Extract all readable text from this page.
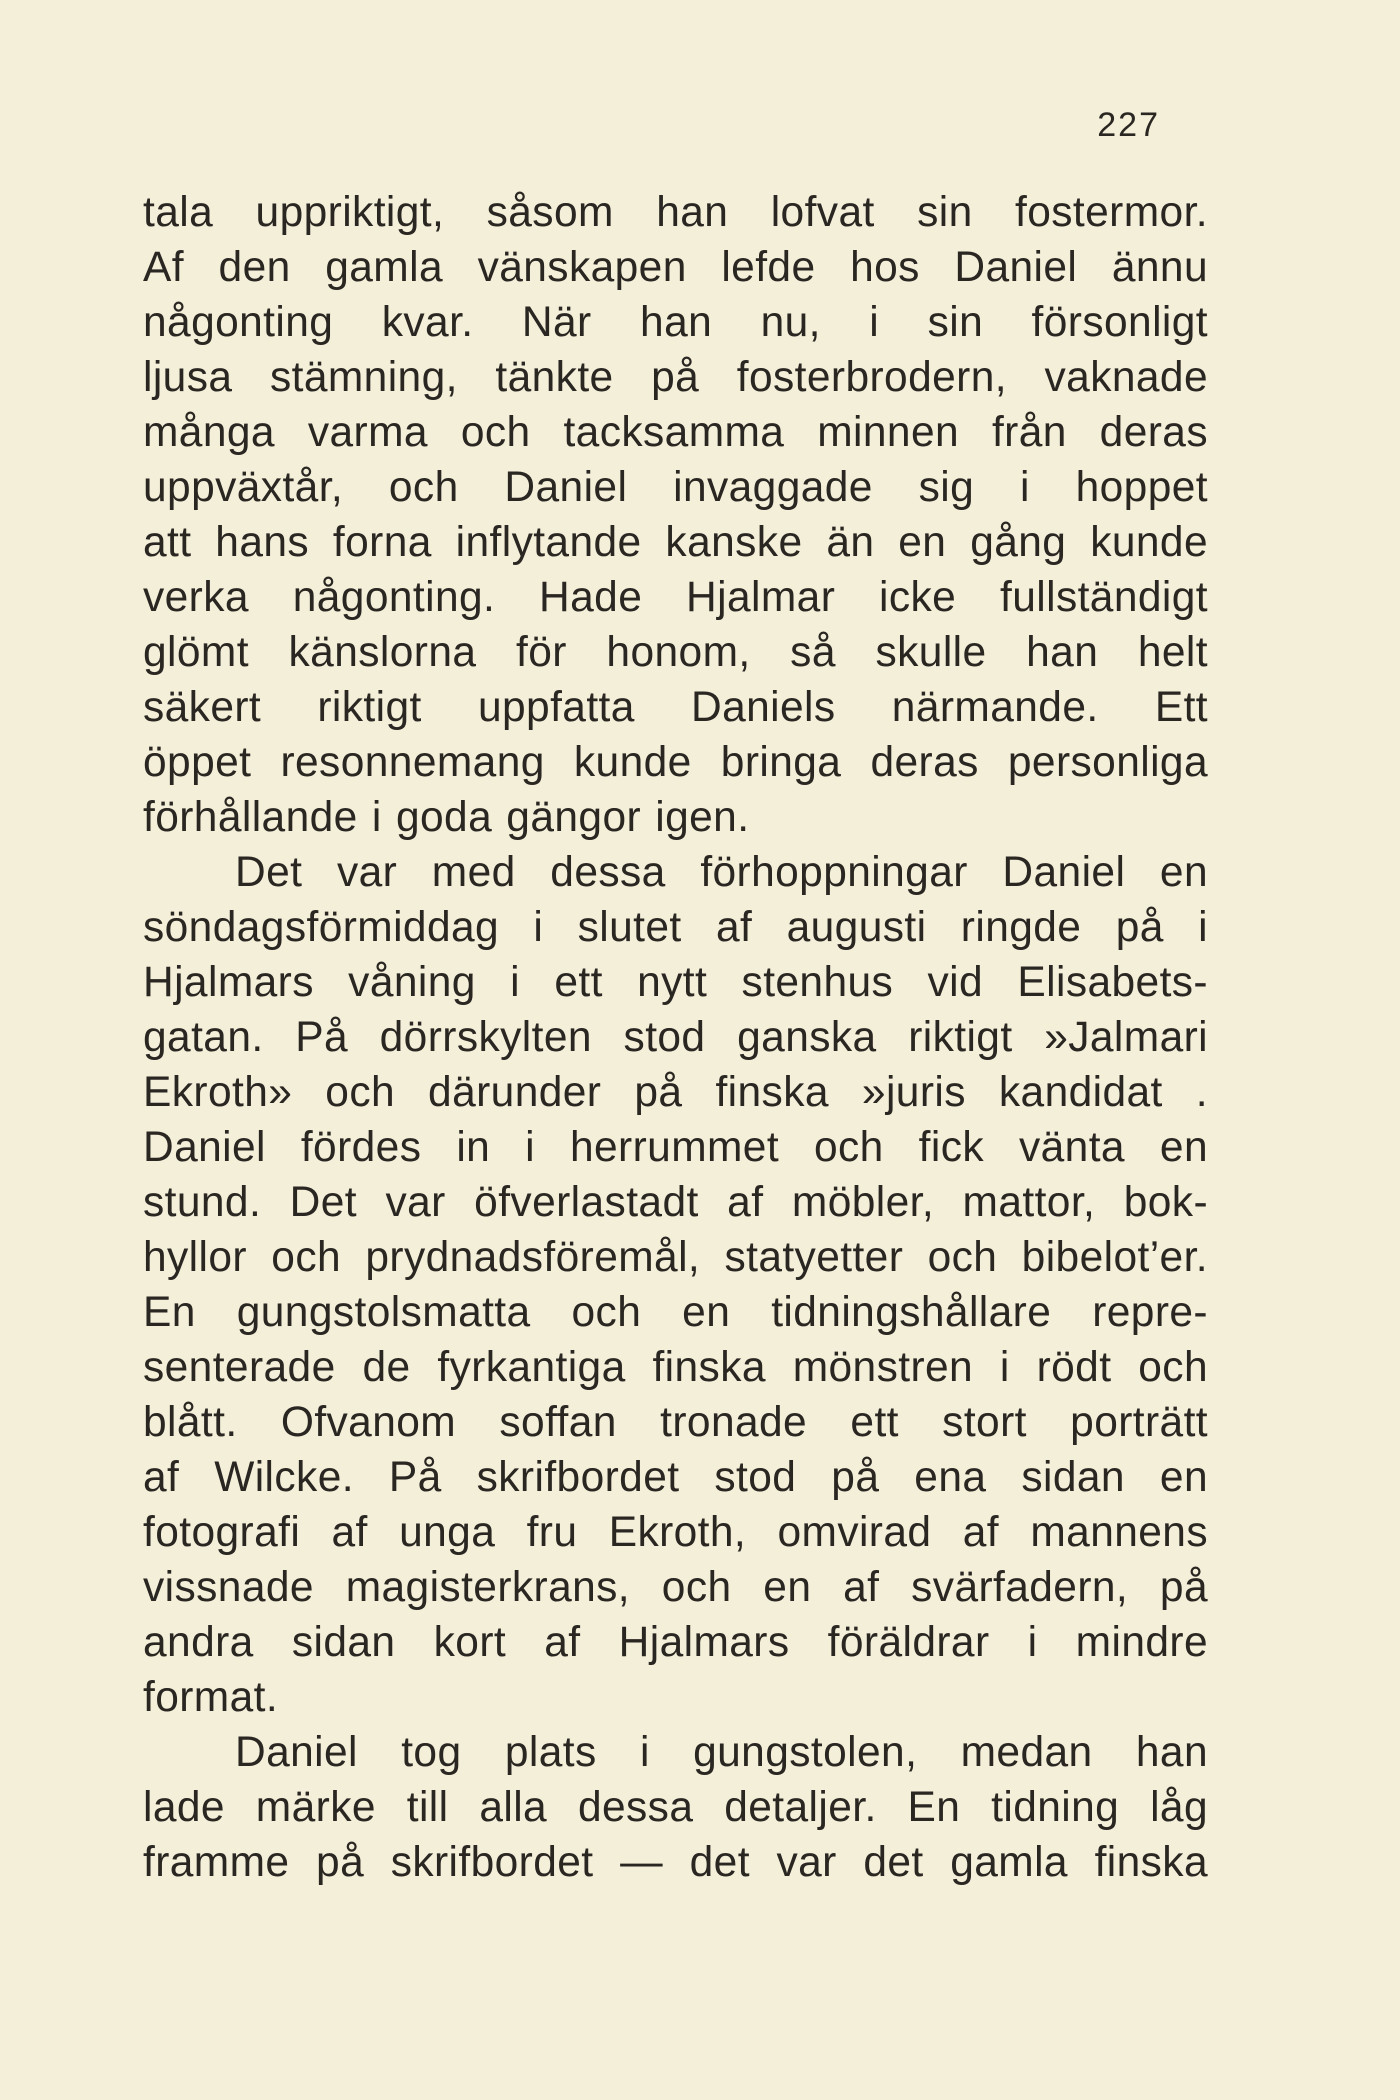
227
tala uppriktigt, såsom han lofvat sin fostermor.
Af den gamla vänskapen lefde hos Daniel ännu
någonting kvar. När han nu, i sin försonligt
ljusa stämning, tänkte på fosterbrodern, vaknade
många varma och tacksamma minnen från deras
uppväxtår, och Daniel invaggade sig i hoppet
att hans forna inflytande kanske än en gång kunde
verka någonting. Hade Hjalmar icke fullständigt
glömt känslorna för honom, så skulle han helt
säkert riktigt uppfatta Daniels närmande. Ett
öppet resonnemang kunde bringa deras personliga
förhållande i goda gängor igen.
Det var med dessa förhoppningar Daniel en
söndagsförmiddag i slutet af augusti ringde på i
Hjalmars våning i ett nytt stenhus vid Elisabets-
gatan. På dörrskylten stod ganska riktigt »Jalmari
Ekroth» och därunder på finska »juris kandidat .
Daniel fördes in i herrummet och fick vänta en
stund. Det var öfverlastadt af möbler, mattor, bok-
hyllor och prydnadsföremål, statyetter och bibelot’er.
En gungstolsmatta och en tidningshållare repre-
senterade de fyrkantiga finska mönstren i rödt och
blått. Ofvanom soffan tronade ett stort porträtt
af Wilcke. På skrifbordet stod på ena sidan en
fotografi af unga fru Ekroth, omvirad af mannens
vissnade magisterkrans, och en af svärfadern, på
andra sidan kort af Hjalmars föräldrar i mindre
format.
Daniel tog plats i gungstolen, medan han
lade märke till alla dessa detaljer. En tidning låg
framme på skrifbordet — det var det gamla finska
